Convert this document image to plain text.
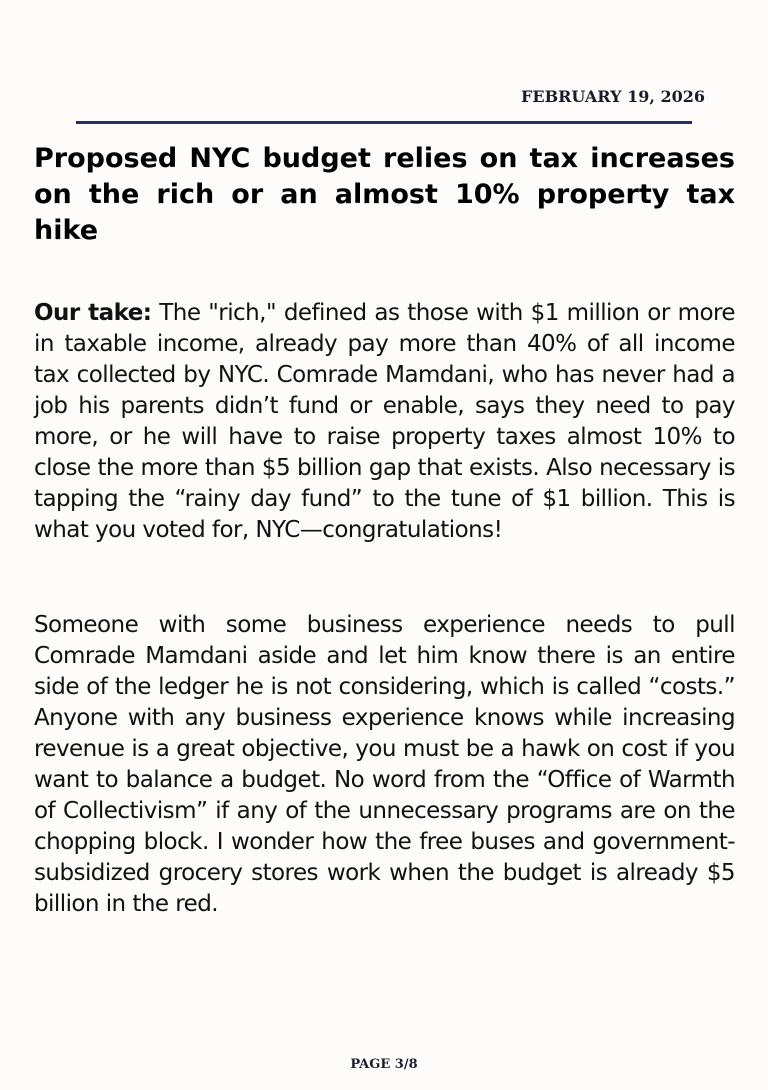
FEBRUARY 19, 2026
Proposed NYC budget relies on tax increases on the rich or an almost 10% property tax hike

Our take: The "rich," defined as those with $1 million or more in taxable income, already pay more than 40% of all income tax collected by NYC. Comrade Mamdani, who has never had a job his parents didn’t fund or enable, says they need to pay more, or he will have to raise property taxes almost 10% to close the more than $5 billion gap that exists. Also necessary is tapping the “rainy day fund” to the tune of $1 billion. This is what you voted for, NYC—congratulations!

Someone with some business experience needs to pull Comrade Mamdani aside and let him know there is an entire side of the ledger he is not considering, which is called “costs.” Anyone with any business experience knows while increasing revenue is a great objective, you must be a hawk on cost if you want to balance a budget. No word from the “Office of Warmth of Collectivism” if any of the unnecessary programs are on the chopping block. I wonder how the free buses and government-subsidized grocery stores work when the budget is already $5 billion in the red.

PAGE 3/8
